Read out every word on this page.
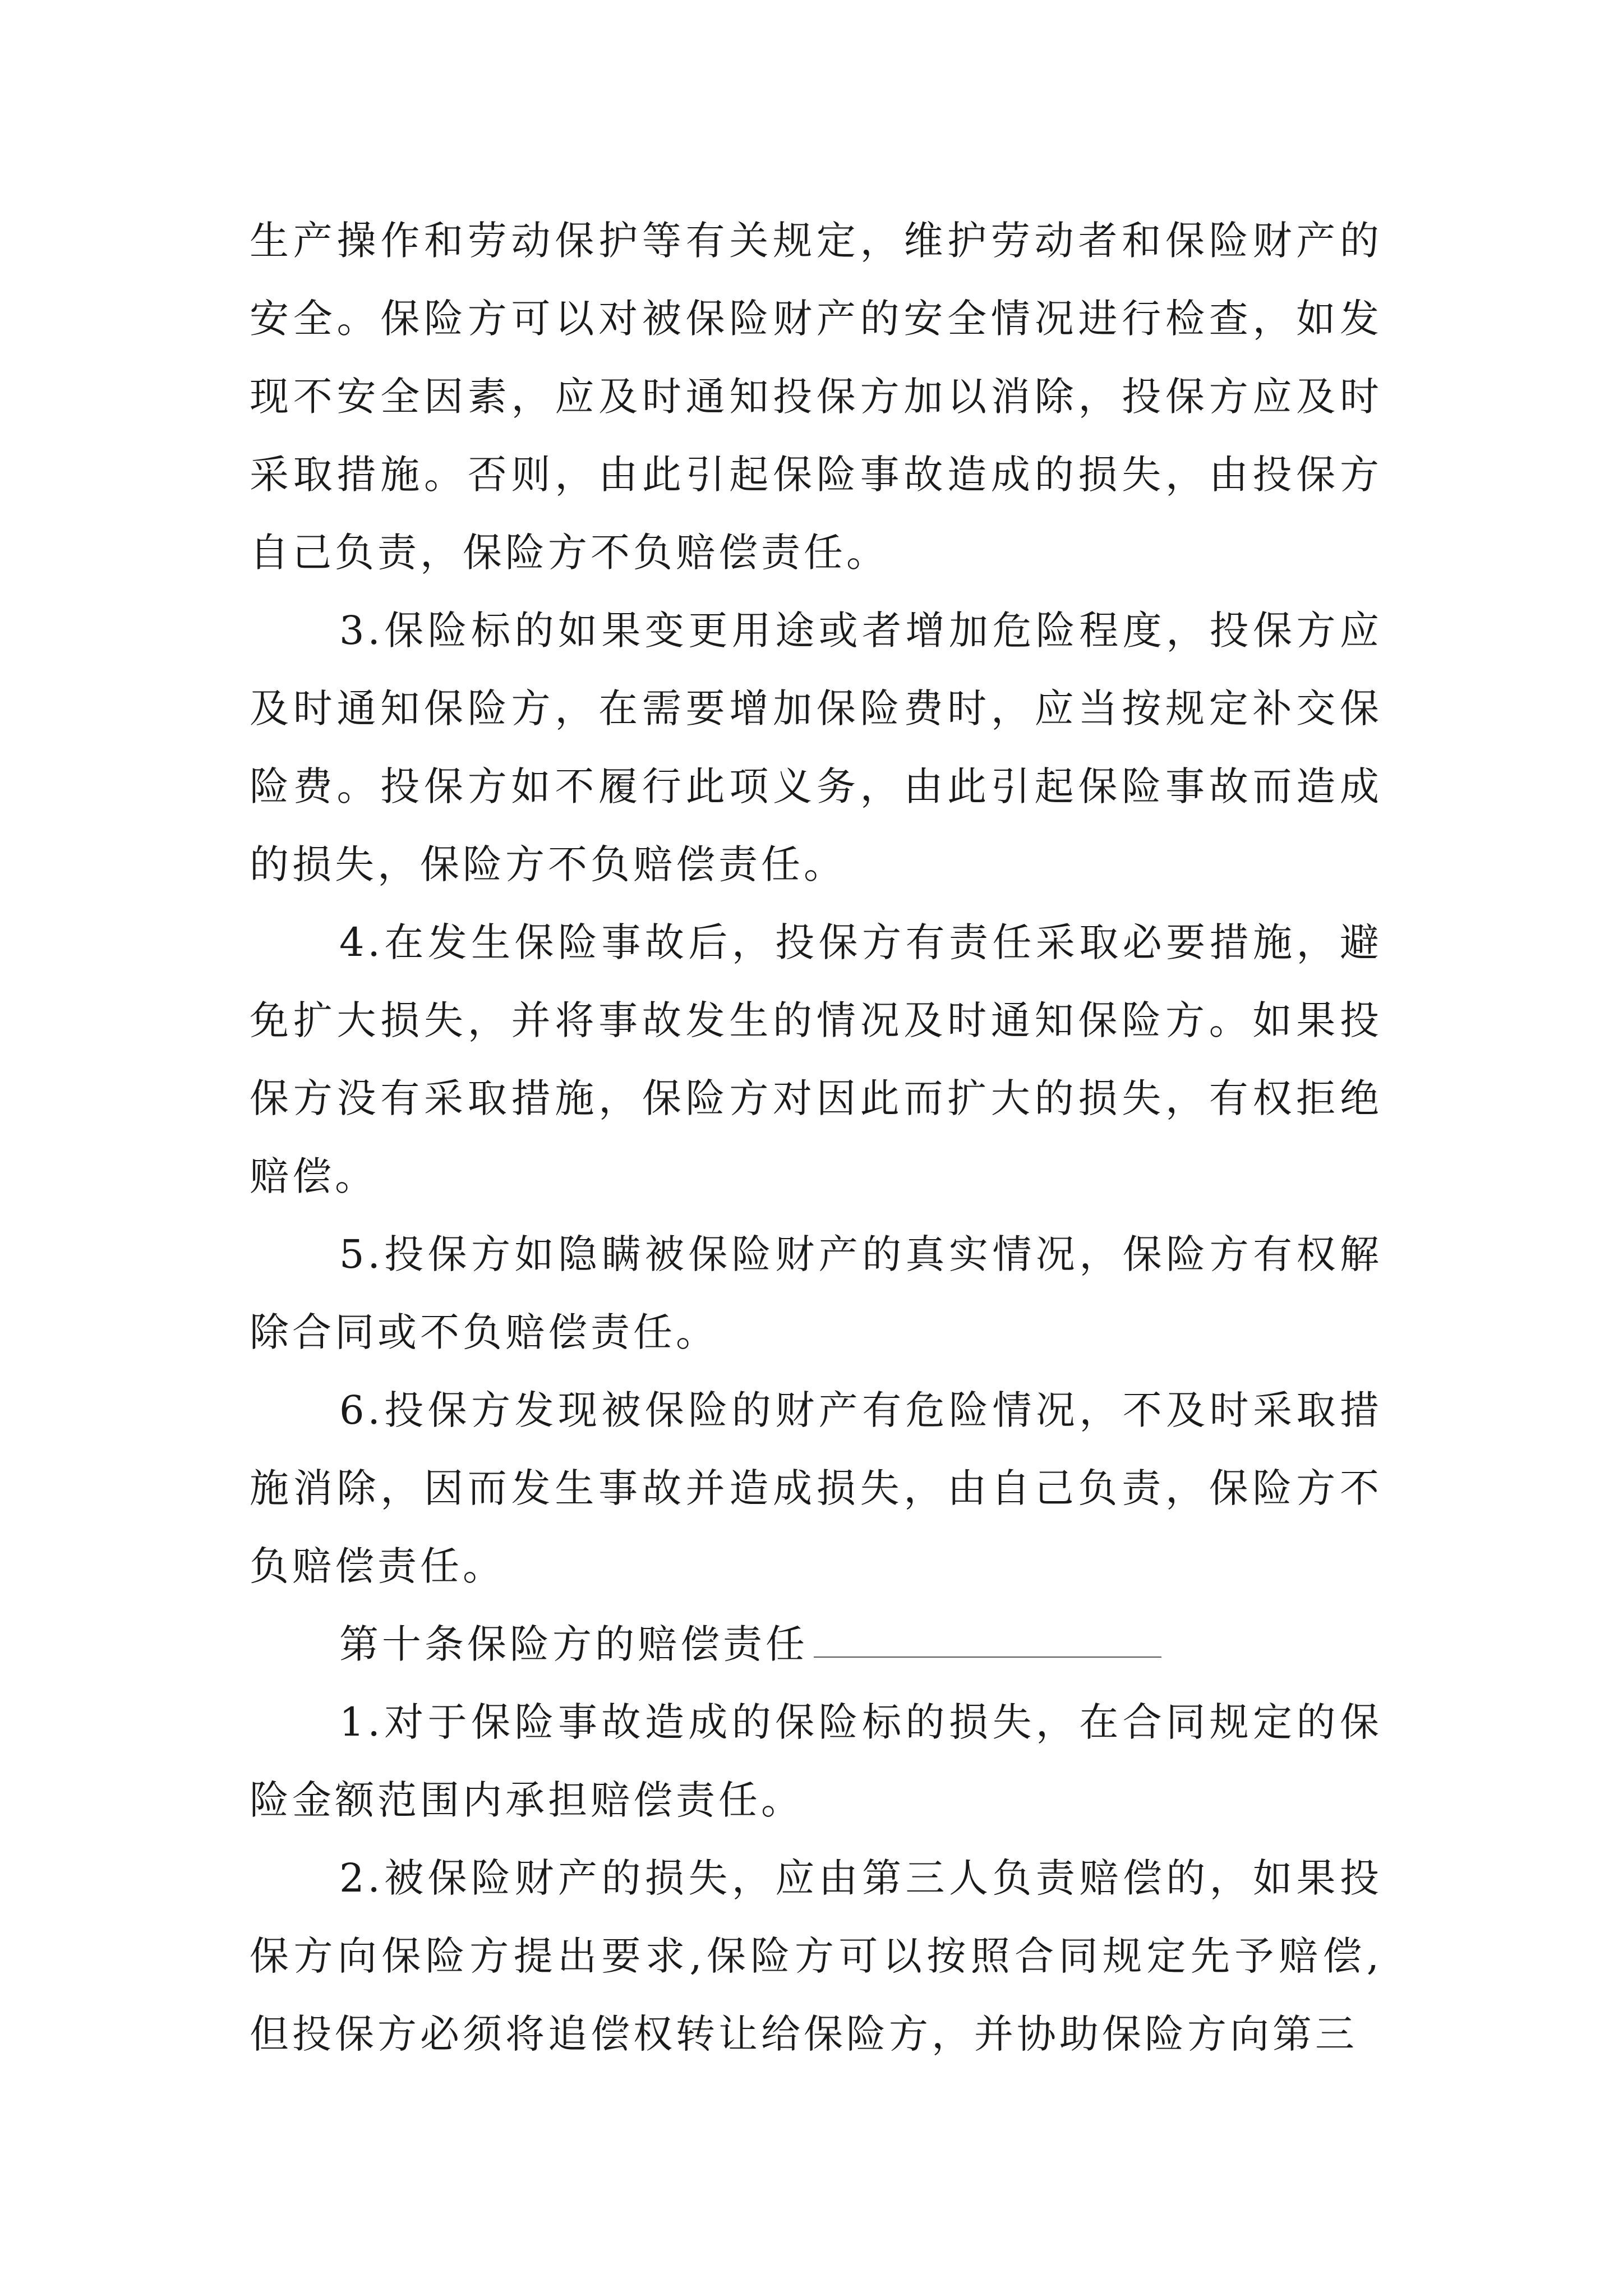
生产操作和劳动保护等有关规定，维护劳动者和保险财产的安全。保险方可以对被保险财产的安全情况进行检查，如发现不安全因素，应及时通知投保方加以消除，投保方应及时采取措施。否则，由此引起保险事故造成的损失，由投保方自己负责，保险方不负赔偿责任。

3.保险标的如果变更用途或者增加危险程度，投保方应及时通知保险方，在需要增加保险费时，应当按规定补交保险费。投保方如不履行此项义务，由此引起保险事故而造成的损失，保险方不负赔偿责任。

4.在发生保险事故后，投保方有责任采取必要措施，避免扩大损失，并将事故发生的情况及时通知保险方。如果投保方没有采取措施，保险方对因此而扩大的损失，有权拒绝赔偿。

5.投保方如隐瞒被保险财产的真实情况，保险方有权解除合同或不负赔偿责任。

6.投保方发现被保险的财产有危险情况，不及时采取措施消除，因而发生事故并造成损失，由自己负责，保险方不负赔偿责任。

第十条保险方的赔偿责任

1.对于保险事故造成的保险标的损失，在合同规定的保险金额范围内承担赔偿责任。

2.被保险财产的损失，应由第三人负责赔偿的，如果投保方向保险方提出要求,保险方可以按照合同规定先予赔偿,但投保方必须将追偿权转让给保险方，并协助保险方向第三
